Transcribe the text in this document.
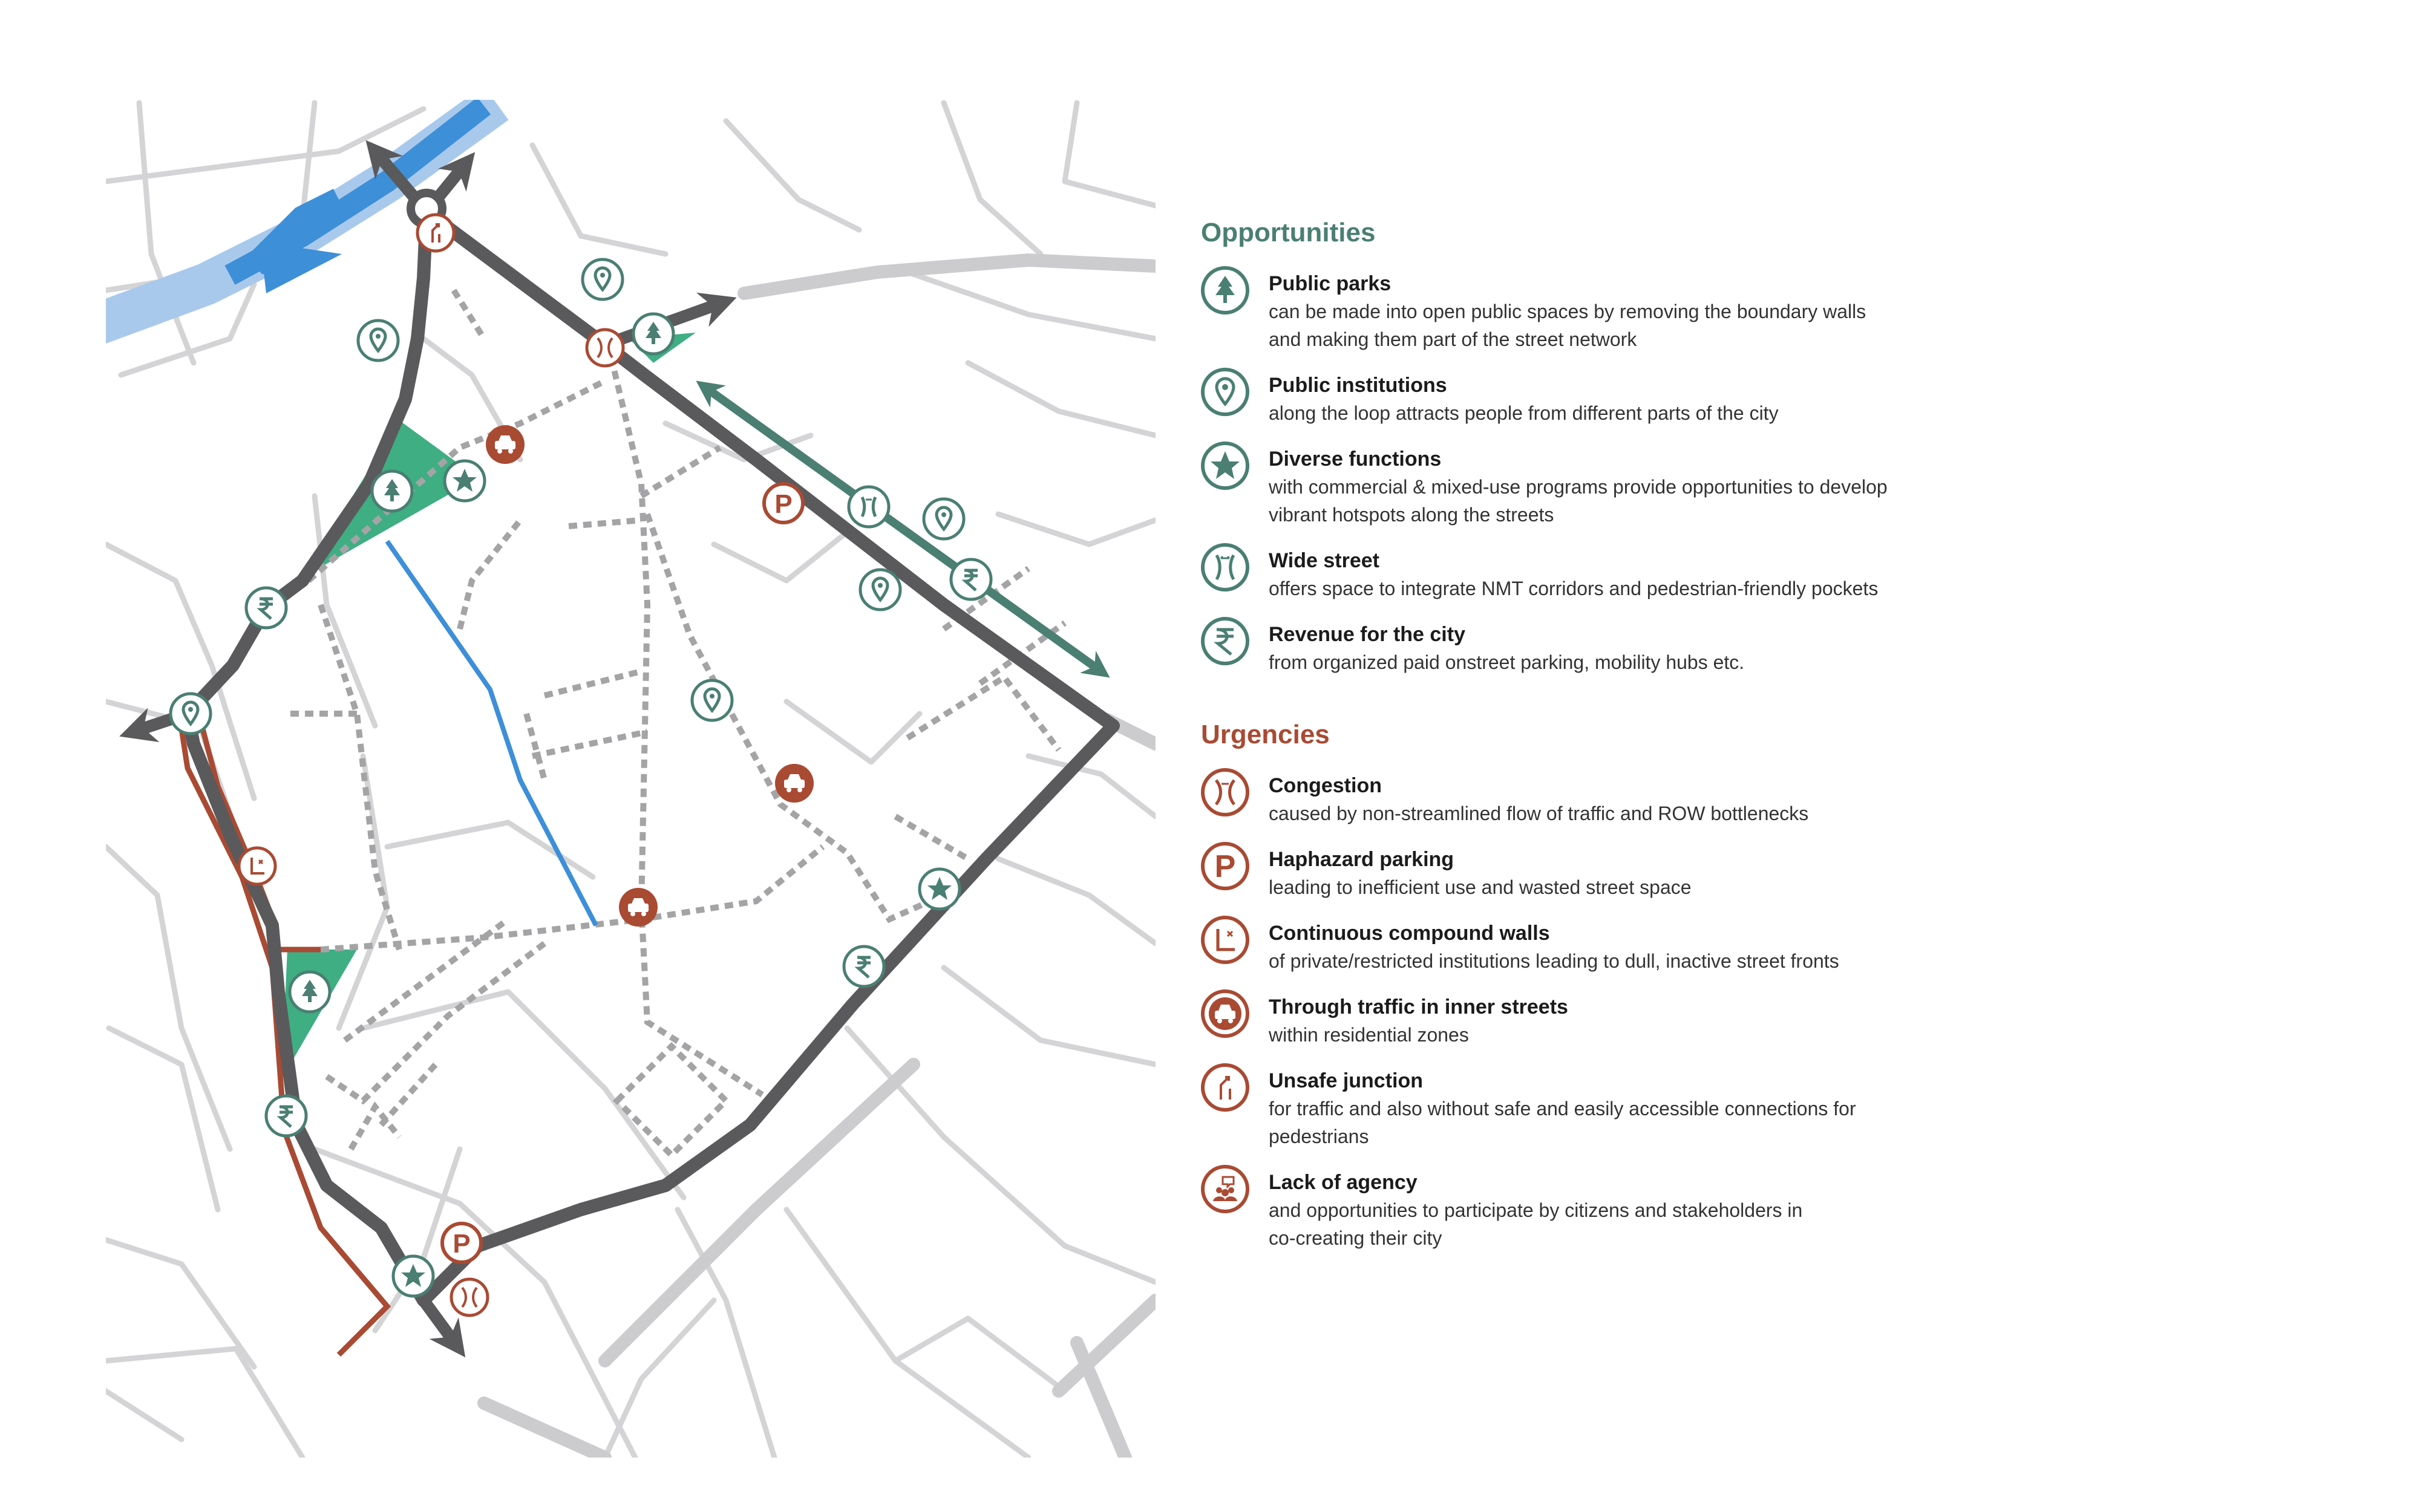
P
P
Opportunities
Public parks
can be made into open public spaces by removing the boundary walls
and making them part of the street network
Public institutions
along the loop attracts people from different parts of the city
Diverse functions
with commercial & mixed-use programs provide opportunities to develop
vibrant hotspots along the streets
Wide street
offers space to integrate NMT corridors and pedestrian-friendly pockets
Revenue for the city
from organized paid onstreet parking, mobility hubs etc.
Urgencies
Congestion
caused by non-streamlined flow of traffic and ROW bottlenecks
P Haphazard parking
leading to inefficient use and wasted street space
Continuous compound walls
of private/restricted institutions leading to dull, inactive street fronts
Through traffic in inner streets
within residential zones
Unsafe junction
for traffic and also without safe and easily accessible connections for
pedestrians
Lack of agency
and opportunities to participate by citizens and stakeholders in
co-creating their city
